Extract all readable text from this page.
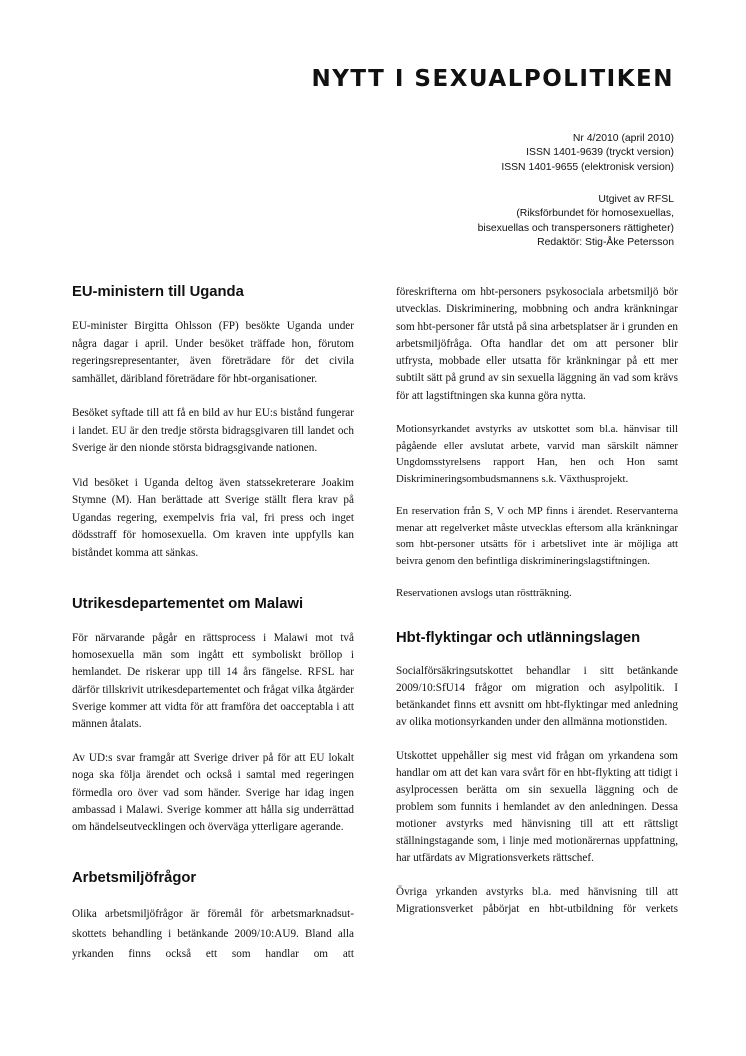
NYTT I SEXUALPOLITIKEN
Nr 4/2010 (april 2010)
ISSN 1401-9639 (tryckt version)
ISSN 1401-9655 (elektronisk version)
Utgivet av RFSL
(Riksförbundet för homosexuellas,
bisexuellas och transpersoners rättigheter)
Redaktör: Stig-Åke Petersson
EU-ministern till Uganda

EU-minister Birgitta Ohlsson (FP) besökte Uganda under några dagar i april. Under besöket träffade hon, förutom regeringsrepresentanter, även företrädare för det civila samhället, däribland företrädare för hbt-organisationer.

Besöket syftade till att få en bild av hur EU:s bistånd fungerar i landet. EU är den tredje största bidragsgivaren till landet och Sverige är den nionde största bidragsgivande nationen.

Vid besöket i Uganda deltog även statssekreterare Joakim Stymne (M). Han berättade att Sverige ställt flera krav på Ugandas regering, exempelvis fria val, fri press och inget dödsstraff för homosexuella. Om kraven inte uppfylls kan biståndet komma att sänkas.

Utrikesdepartementet om Malawi

För närvarande pågår en rättsprocess i Malawi mot två homosexuella män som ingått ett symboliskt bröllop i hemlandet. De riskerar upp till 14 års fängelse. RFSL har därför tillskrivit utrikesdepartementet och frågat vilka åtgärder Sverige kommer att vidta för att framföra det oacceptabla i att männen åtalats.

Av UD:s svar framgår att Sverige driver på för att EU lokalt noga ska följa ärendet och också i samtal med regeringen förmedla oro över vad som händer. Sverige har idag ingen ambassad i Malawi. Sverige kommer att hålla sig underrättad om händelseutvecklingen och överväga ytterligare agerande.

Arbetsmiljöfrågor

Olika arbetsmiljöfrågor är föremål för arbetsmarknadsutskottets behandling i betänkande 2009/10:AU9. Bland alla yrkanden finns också ett som handlar om att

föreskrifterna om hbt-personers psykosociala arbetsmiljö bör utvecklas. Diskriminering, mobbning och andra kränkningar som hbt-personer får utstå på sina arbetsplatser är i grunden en arbetsmiljöfråga. Ofta handlar det om att personer blir utfrysta, mobbade eller utsatta för kränkningar på ett mer subtilt sätt på grund av sin sexuella läggning än vad som krävs för att lagstiftningen ska kunna göra nytta.

Motionsyrkandet avstyrks av utskottet som bl.a. hänvisar till pågående eller avslutat arbete, varvid man särskilt nämner Ungdomsstyrelsens rapport Han, hen och Hon samt Diskrimineringsombudsmannens s.k. Växthusprojekt.

En reservation från S, V och MP finns i ärendet. Reservanterna menar att regelverket måste utvecklas eftersom alla kränkningar som hbt-personer utsätts för i arbetslivet inte är möjliga att beivra genom den befintliga diskrimineringslagstiftningen.

Reservationen avslogs utan röstträkning.

Hbt-flyktingar och utlänningslagen

Socialförsäkringsutskottet behandlar i sitt betänkande 2009/10:SfU14 frågor om migration och asylpolitik. I betänkandet finns ett avsnitt om hbt-flyktingar med anledning av olika motionsyrkanden under den allmänna motionstiden.

Utskottet uppehåller sig mest vid frågan om yrkandena som handlar om att det kan vara svårt för en hbt-flykting att tidigt i asylprocessen berätta om sin sexuella läggning och de problem som funnits i hemlandet av den anledningen. Dessa motioner avstyrks med hänvisning till att ett rättsligt ställningstagande som, i linje med motionärernas uppfattning, har utfärdats av Migrationsverkets rättschef.

Övriga yrkanden avstyrks bl.a. med hänvisning till att Migrationsverket påbörjat en hbt-utbildning för verkets
